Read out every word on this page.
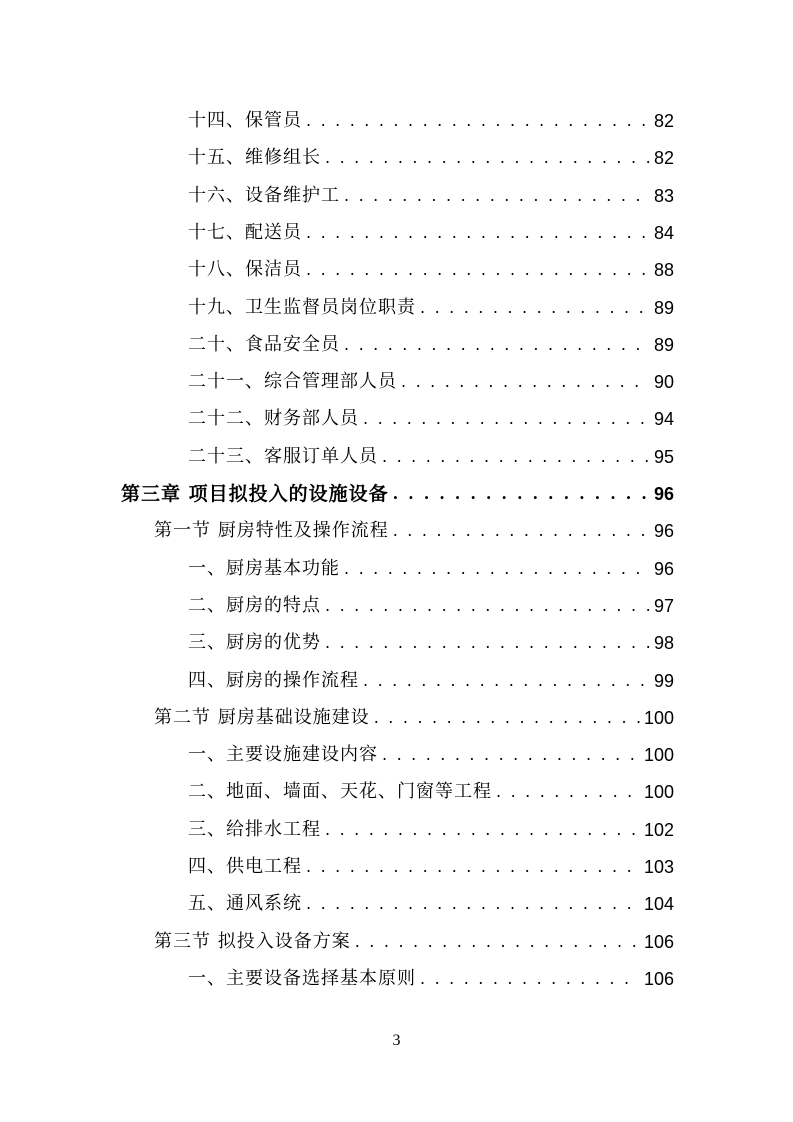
十四、保管员 . . .	82
十五、维修组长 . . .	82
十六、设备维护工 . . .	83
十七、配送员 . . .	84
十八、保洁员 . . .	88
十九、卫生监督员岗位职责 . . .	89
二十、食品安全员 . . .	89
二十一、综合管理部人员 . . .	90
二十二、财务部人员 . . .	94
二十三、客服订单人员 . . .	95
第三章 项目拟投入的设施设备 . . .	96
第一节 厨房特性及操作流程 . . .	96
一、厨房基本功能 . . .	96
二、厨房的特点 . . .	97
三、厨房的优势 . . .	98
四、厨房的操作流程 . . .	99
第二节 厨房基础设施建设 . . .	100
一、主要设施建设内容 . . .	100
二、地面、墙面、天花、门窗等工程 . . .	100
三、给排水工程 . . .	102
四、供电工程 . . .	103
五、通风系统 . . .	104
第三节 拟投入设备方案 . . .	106
一、主要设备选择基本原则 . . .	106
3
